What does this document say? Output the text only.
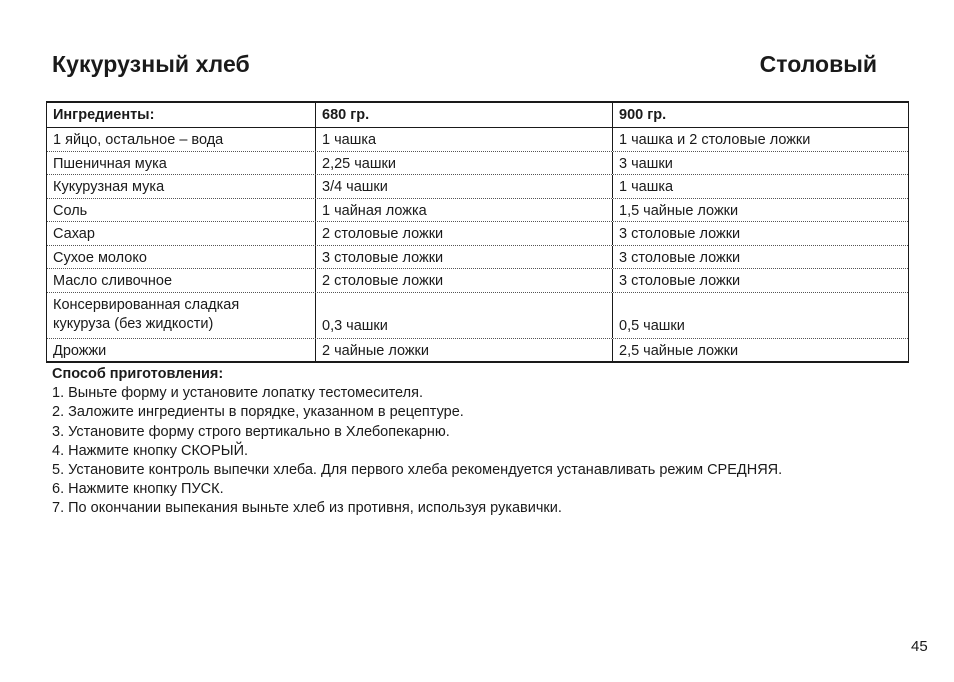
Кукурузный хлеб	Столовый
Ингредиенты:	680 гр.	900 гр.
1 яйцо, остальное – вода	1 чашка	1 чашка и 2 столовые ложки
Пшеничная мука	2,25 чашки	3 чашки
Кукурузная мука	3/4 чашки	1 чашка
Соль	1 чайная ложка	1,5 чайные ложки
Сахар	2 столовые ложки	3 столовые ложки
Сухое молоко	3 столовые ложки	3 столовые ложки
Масло сливочное	2 столовые ложки	3 столовые ложки
Консервированная сладкая
кукуруза (без жидкости)	0,3 чашки	0,5 чашки
Дрожжи	2 чайные ложки	2,5 чайные ложки
Способ приготовления:
1. Выньте форму и установите лопатку тестомесителя.
2. Заложите ингредиенты в порядке, указанном в рецептуре.
3. Установите форму строго вертикально в Хлебопекарню.
4. Нажмите кнопку СКОРЫЙ.
5. Установите контроль выпечки хлеба. Для первого хлеба рекомендуется устанавливать режим СРЕДНЯЯ.
6. Нажмите кнопку ПУСК.
7. По окончании выпекания выньте хлеб из противня, используя рукавички.
45
